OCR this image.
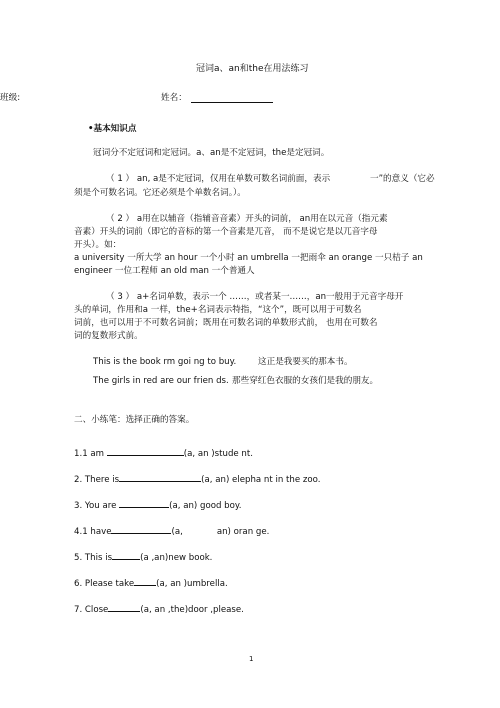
冠词a、an和the在用法练习
班级:	姓名：
•基本知识点
冠词分不定冠词和定冠词。a、an是不定冠词，the是定冠词。
（ 1 ） an, a是不定冠词，仅用在单数可数名词前面，表示	一”的意义（它必
须是个可数名词。它还必须是个单数名词。）。
（ 2 ） a用在以辅音（指辅音音素）开头的词前， an用在以元音（指元素
音素）开头的词前（即它的音标的第一个音素是兀音， 而不是说它是以兀音字母
开头）。如：
a university 一所大学 an hour 一个小时 an umbrella 一把雨伞 an orange 一只桔子 an
engineer 一位工程师 an old man 一个普通人
（ 3 ） a+名词单数，表示一个 ……，或者某一……，an一般用于元音字母开
头的单词，作用和a 一样，the+名词表示特指，“这个”，既可以用于可数名
词前，也可以用于不可数名词前；既用在可数名词的单数形式前， 也用在可数名
词的复数形式前。
This is the book rm goi ng to buy.	这正是我要买的那本书。
The girls in red are our frien ds. 那些穿红色衣服的女孩们是我的朋友。
二、小练笔：选择正确的答案。
1.1 am	(a, an )stude nt.
2. There is	(a, an) elepha nt in the zoo.
3. You are	(a, an) good boy.
4.1 have	(a,	an) oran ge.
5. This is	(a ,an)new book.
6. Please take	(a, an )umbrella.
7. Close	(a, an ,the)door ,please.
1
